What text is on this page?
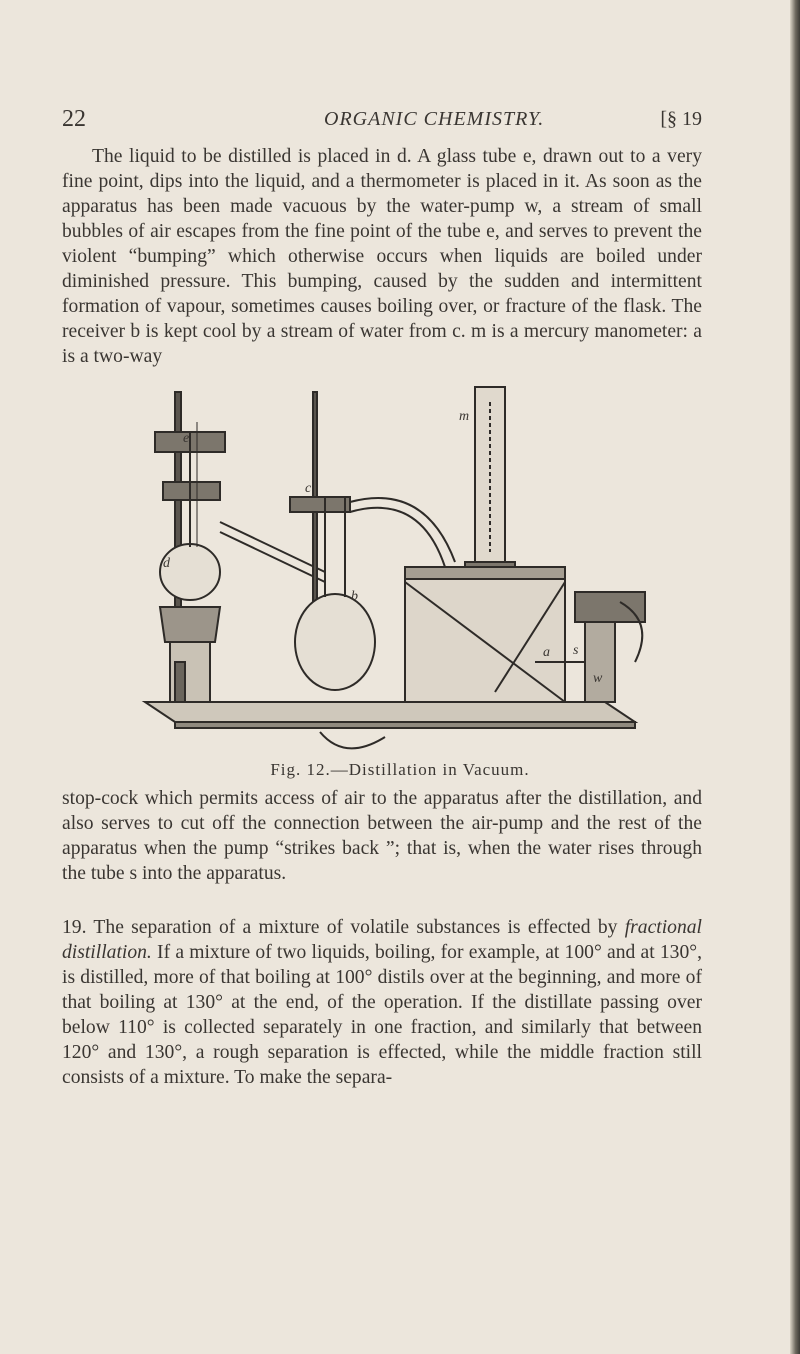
22	ORGANIC CHEMISTRY.	[§ 19

The liquid to be distilled is placed in d. A glass tube e, drawn out to a very fine point, dips into the liquid, and a thermometer is placed in it. As soon as the apparatus has been made vacuous by the water-pump w, a stream of small bubbles of air escapes from the fine point of the tube e, and serves to prevent the violent “bumping” which otherwise occurs when liquids are boiled under diminished pressure. This bumping, caused by the sudden and intermittent formation of vapour, sometimes causes boiling over, or fracture of the flask. The receiver b is kept cool by a stream of water from c. m is a mercury manometer: a is a two-way

e
d
c
b
m
a s
w
Fig. 12.—Distillation in Vacuum.

stop-cock which permits access of air to the apparatus after the distillation, and also serves to cut off the connection between the air-pump and the rest of the apparatus when the pump “strikes back ”; that is, when the water rises through the tube s into the apparatus.

19. The separation of a mixture of volatile substances is effected by fractional distillation. If a mixture of two liquids, boiling, for example, at 100° and at 130°, is distilled, more of that boiling at 100° distils over at the beginning, and more of that boiling at 130° at the end, of the operation. If the distillate passing over below 110° is collected separately in one fraction, and similarly that between 120° and 130°, a rough separation is effected, while the middle fraction still consists of a mixture. To make the separa-
